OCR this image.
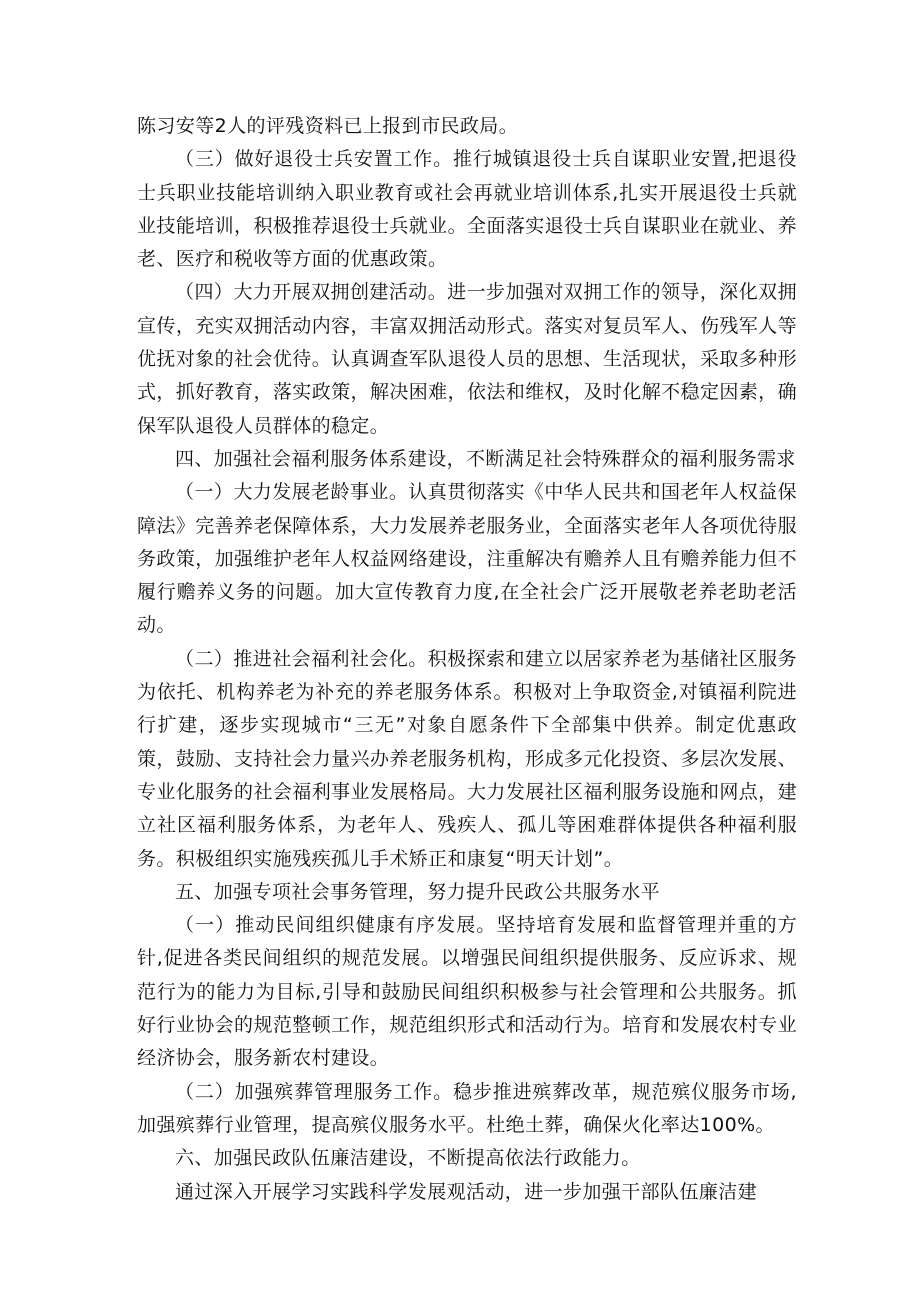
陈习安等2人的评残资料已上报到市民政局。

（三）做好退役士兵安置工作。推行城镇退役士兵自谋职业安置,把退役士兵职业技能培训纳入职业教育或社会再就业培训体系,扎实开展退役士兵就业技能培训，积极推荐退役士兵就业。全面落实退役士兵自谋职业在就业、养老、医疗和税收等方面的优惠政策。

（四）大力开展双拥创建活动。进一步加强对双拥工作的领导，深化双拥宣传，充实双拥活动内容，丰富双拥活动形式。落实对复员军人、伤残军人等优抚对象的社会优待。认真调查军队退役人员的思想、生活现状，采取多种形式，抓好教育，落实政策，解决困难，依法和维权，及时化解不稳定因素，确保军队退役人员群体的稳定。

四、加强社会福利服务体系建设，不断满足社会特殊群众的福利服务需求

（一）大力发展老龄事业。认真贯彻落实《中华人民共和国老年人权益保障法》完善养老保障体系，大力发展养老服务业，全面落实老年人各项优待服务政策，加强维护老年人权益网络建设，注重解决有赡养人且有赡养能力但不履行赡养义务的问题。加大宣传教育力度,在全社会广泛开展敬老养老助老活动。

（二）推进社会福利社会化。积极探索和建立以居家养老为基储社区服务为依托、机构养老为补充的养老服务体系。积极对上争取资金,对镇福利院进行扩建，逐步实现城市“三无”对象自愿条件下全部集中供养。制定优惠政策，鼓励、支持社会力量兴办养老服务机构，形成多元化投资、多层次发展、专业化服务的社会福利事业发展格局。大力发展社区福利服务设施和网点，建立社区福利服务体系，为老年人、残疾人、孤儿等困难群体提供各种福利服务。积极组织实施残疾孤儿手术矫正和康复“明天计划”。

五、加强专项社会事务管理，努力提升民政公共服务水平

（一）推动民间组织健康有序发展。坚持培育发展和监督管理并重的方针,促进各类民间组织的规范发展。以增强民间组织提供服务、反应诉求、规范行为的能力为目标,引导和鼓励民间组织积极参与社会管理和公共服务。抓好行业协会的规范整顿工作，规范组织形式和活动行为。培育和发展农村专业经济协会，服务新农村建设。

（二）加强殡葬管理服务工作。稳步推进殡葬改革，规范殡仪服务市场,加强殡葬行业管理，提高殡仪服务水平。杜绝土葬，确保火化率达100%。

六、加强民政队伍廉洁建设，不断提高依法行政能力。

通过深入开展学习实践科学发展观活动，进一步加强干部队伍廉洁建
